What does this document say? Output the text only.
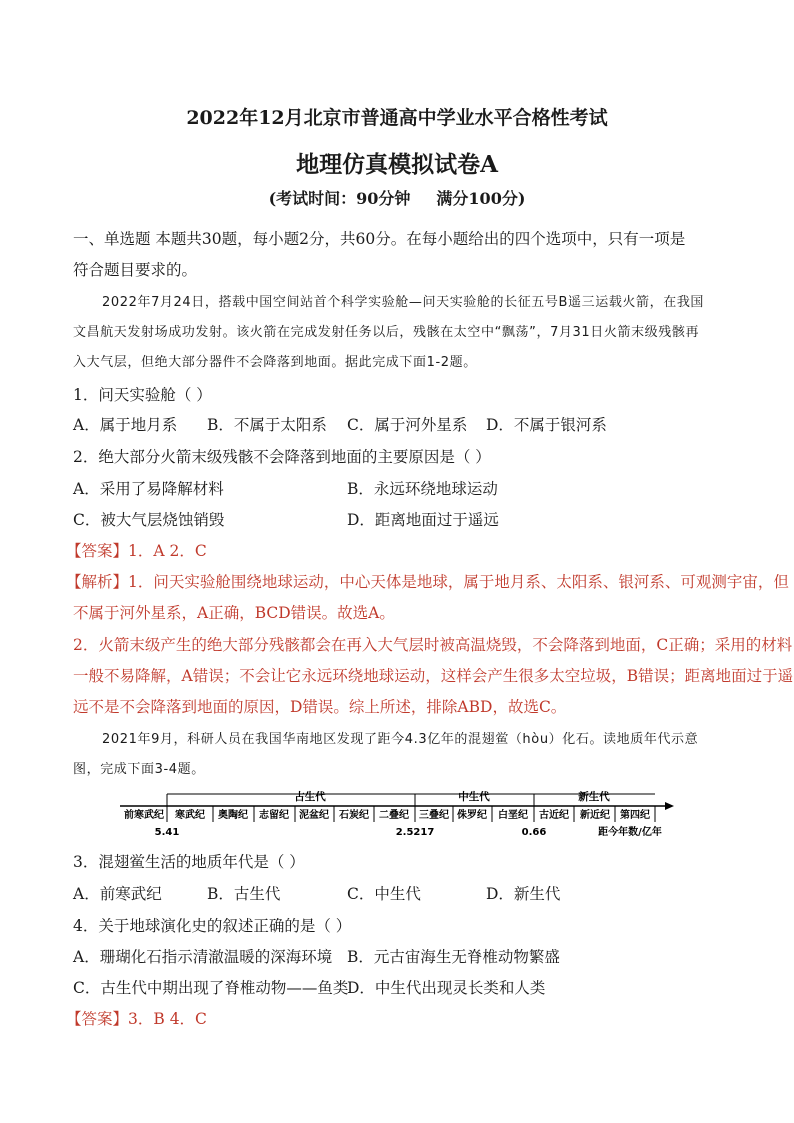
2022年12月北京市普通高中学业水平合格性考试
地理仿真模拟试卷A
(考试时间：90分钟 满分100分)
一、单选题 本题共30题，每小题2分，共60分。在每小题给出的四个选项中，只有一项是
符合题目要求的。
2022年7月24日，搭载中国空间站首个科学实验舱—问天实验舱的长征五号B遥三运载火箭，在我国
文昌航天发射场成功发射。该火箭在完成发射任务以后，残骸在太空中“飘荡”，7月31日火箭末级残骸再
入大气层，但绝大部分器件不会降落到地面。据此完成下面1-2题。
1．问天实验舱（ ）
A．属于地月系 B．不属于太阳系 C．属于河外星系 D．不属于银河系
2．绝大部分火箭末级残骸不会降落到地面的主要原因是（ ）
A．采用了易降解材料	B．永远环绕地球运动
C．被大气层烧蚀销毁	D．距离地面过于遥远
【答案】1．A 2．C
【解析】1．问天实验舱围绕地球运动，中心天体是地球，属于地月系、太阳系、银河系、可观测宇宙，但
不属于河外星系，A正确，BCD错误。故选A。
2．火箭末级产生的绝大部分残骸都会在再入大气层时被高温烧毁，不会降落到地面，C正确；采用的材料
一般不易降解，A错误；不会让它永远环绕地球运动，这样会产生很多太空垃圾，B错误；距离地面过于遥
远不是不会降落到地面的原因，D错误。综上所述，排除ABD，故选C。
2021年9月，科研人员在我国华南地区发现了距今4.3亿年的混翅鲎（hòu）化石。读地质年代示意
图，完成下面3-4题。
古生代	中生代	新生代
前寒武纪 寒武纪 奥陶纪 志留纪 泥盆纪 石炭纪 二叠纪 三叠纪 侏罗纪 白垩纪 古近纪 新近纪 第四纪
5.41	2.5217	0.66	距今年数/亿年
3．混翅鲎生活的地质年代是（ ）
A．前寒武纪	B．古生代	C．中生代	D．新生代
4．关于地球演化史的叙述正确的是（ ）
A．珊瑚化石指示清澈温暖的深海环境 B．元古宙海生无脊椎动物繁盛
C．古生代中期出现了脊椎动物——鱼类
D．中生代出现灵长类和人类
【答案】3．B 4．C
